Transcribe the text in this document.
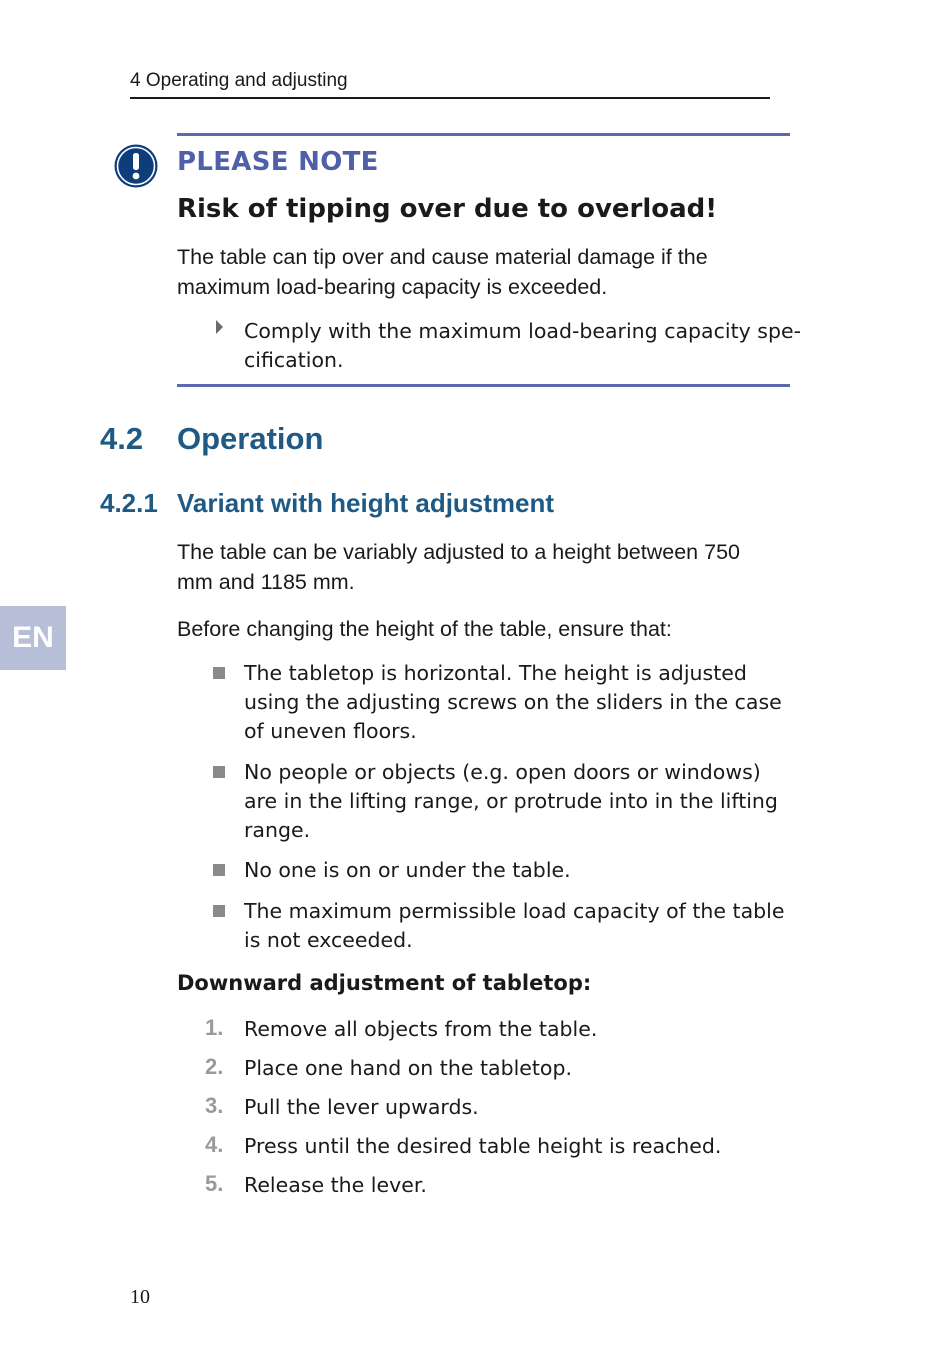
4 Operating and adjusting
PLEASE NOTE
Risk of tipping over due to overload!
The table can tip over and cause material damage if the
maximum load-bearing capacity is exceeded.
Comply with the maximum load-bearing capacity spe-
cification.
4.2 Operation
4.2.1 Variant with height adjustment
EN
The table can be variably adjusted to a height between 750
mm and 1185 mm.
Before changing the height of the table, ensure that:
The tabletop is horizontal. The height is adjusted
using the adjusting screws on the sliders in the case
of uneven floors.
No people or objects (e.g. open doors or windows)
are in the lifting range, or protrude into in the lifting
range.
No one is on or under the table.
The maximum permissible load capacity of the table
is not exceeded.
Downward adjustment of tabletop:
1. Remove all objects from the table.
2. Place one hand on the tabletop.
3. Pull the lever upwards.
4. Press until the desired table height is reached.
5. Release the lever.
10
